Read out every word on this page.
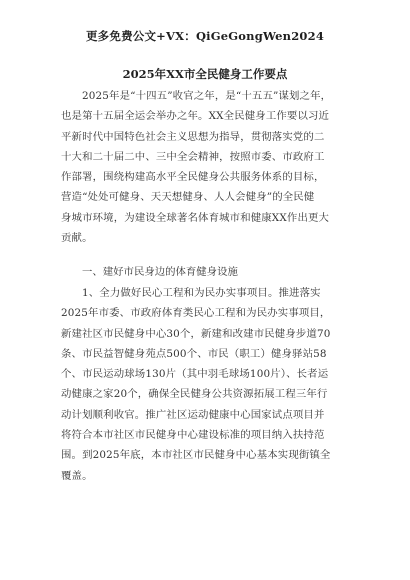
更多免费公文+VX：QiGeGongWen2024
2025年XX市全民健身工作要点
2025年是“十四五”收官之年，是“十五五”谋划之年，
也是第十五届全运会举办之年。XX全民健身工作要以习近
平新时代中国特色社会主义思想为指导，贯彻落实党的二
十大和二十届二中、三中全会精神，按照市委、市政府工
作部署，围绕构建高水平全民健身公共服务体系的目标，
营造“处处可健身、天天想健身、人人会健身”的全民健
身城市环境，为建设全球著名体育城市和健康XX作出更大
贡献。
一、建好市民身边的体育健身设施
1、全力做好民心工程和为民办实事项目。推进落实
2025年市委、市政府体育类民心工程和为民办实事项目，
新建社区市民健身中心30个，新建和改建市民健身步道70
条、市民益智健身苑点500个、市民（职工）健身驿站58
个、市民运动球场130片（其中羽毛球场100片）、长者运
动健康之家20个，确保全民健身公共资源拓展工程三年行
动计划顺利收官。推广社区运动健康中心国家试点项目并
将符合本市社区市民健身中心建设标准的项目纳入扶持范
围。到2025年底，本市社区市民健身中心基本实现街镇全
覆盖。
